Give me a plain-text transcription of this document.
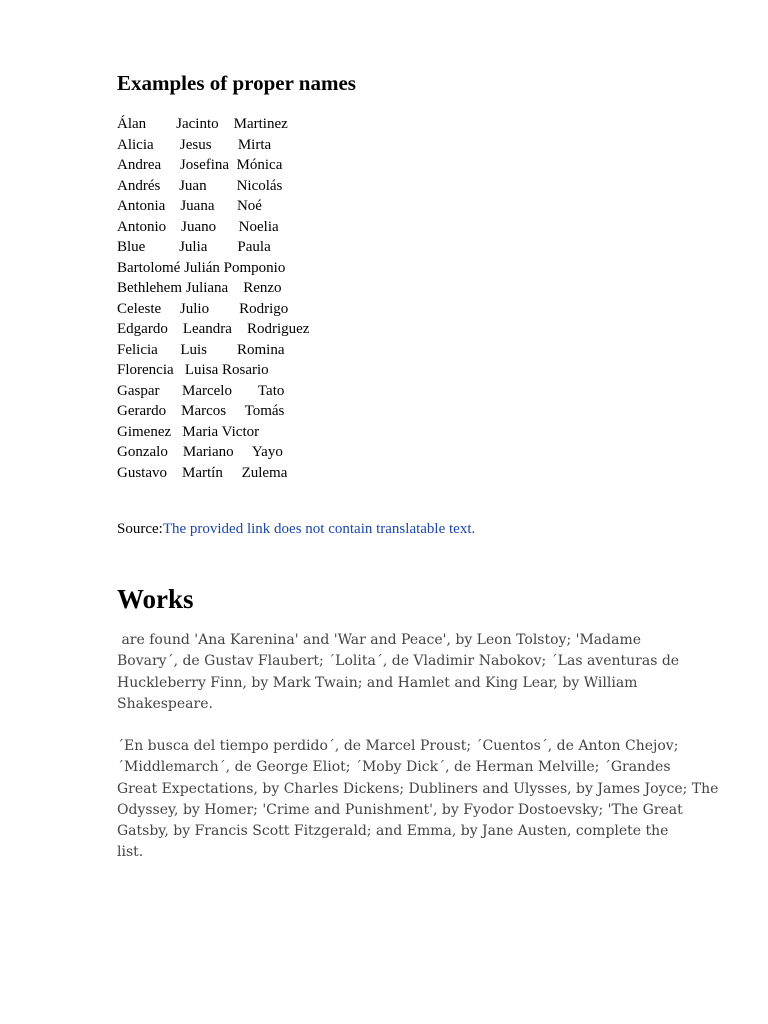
Examples of proper names
Álan        Jacinto    Martinez
Alicia       Jesus       Mirta
Andrea     Josefina  Mónica
Andrés     Juan        Nicolás
Antonia    Juana      Noé
Antonio    Juano      Noelia
Blue         Julia        Paula
Bartolomé Julián Pomponio
Bethlehem Juliana    Renzo
Celeste     Julio        Rodrigo
Edgardo    Leandra    Rodriguez
Felicia      Luis        Romina
Florencia   Luisa Rosario
Gaspar      Marcelo       Tato
Gerardo    Marcos     Tomás
Gimenez   Maria Victor
Gonzalo    Mariano     Yayo
Gustavo    Martín     Zulema
Source:The provided link does not contain translatable text.
Works

are found 'Ana Karenina' and 'War and Peace', by Leon Tolstoy; 'Madame
Bovary´, de Gustav Flaubert; ´Lolita´, de Vladimir Nabokov; ´Las aventuras de
Huckleberry Finn, by Mark Twain; and Hamlet and King Lear, by William
Shakespeare.

´En busca del tiempo perdido´, de Marcel Proust; ´Cuentos´, de Anton Chejov;
´Middlemarch´, de George Eliot; ´Moby Dick´, de Herman Melville; ´Grandes
Great Expectations, by Charles Dickens; Dubliners and Ulysses, by James Joyce; The
Odyssey, by Homer; 'Crime and Punishment', by Fyodor Dostoevsky; 'The Great
Gatsby, by Francis Scott Fitzgerald; and Emma, by Jane Austen, complete the
list.
